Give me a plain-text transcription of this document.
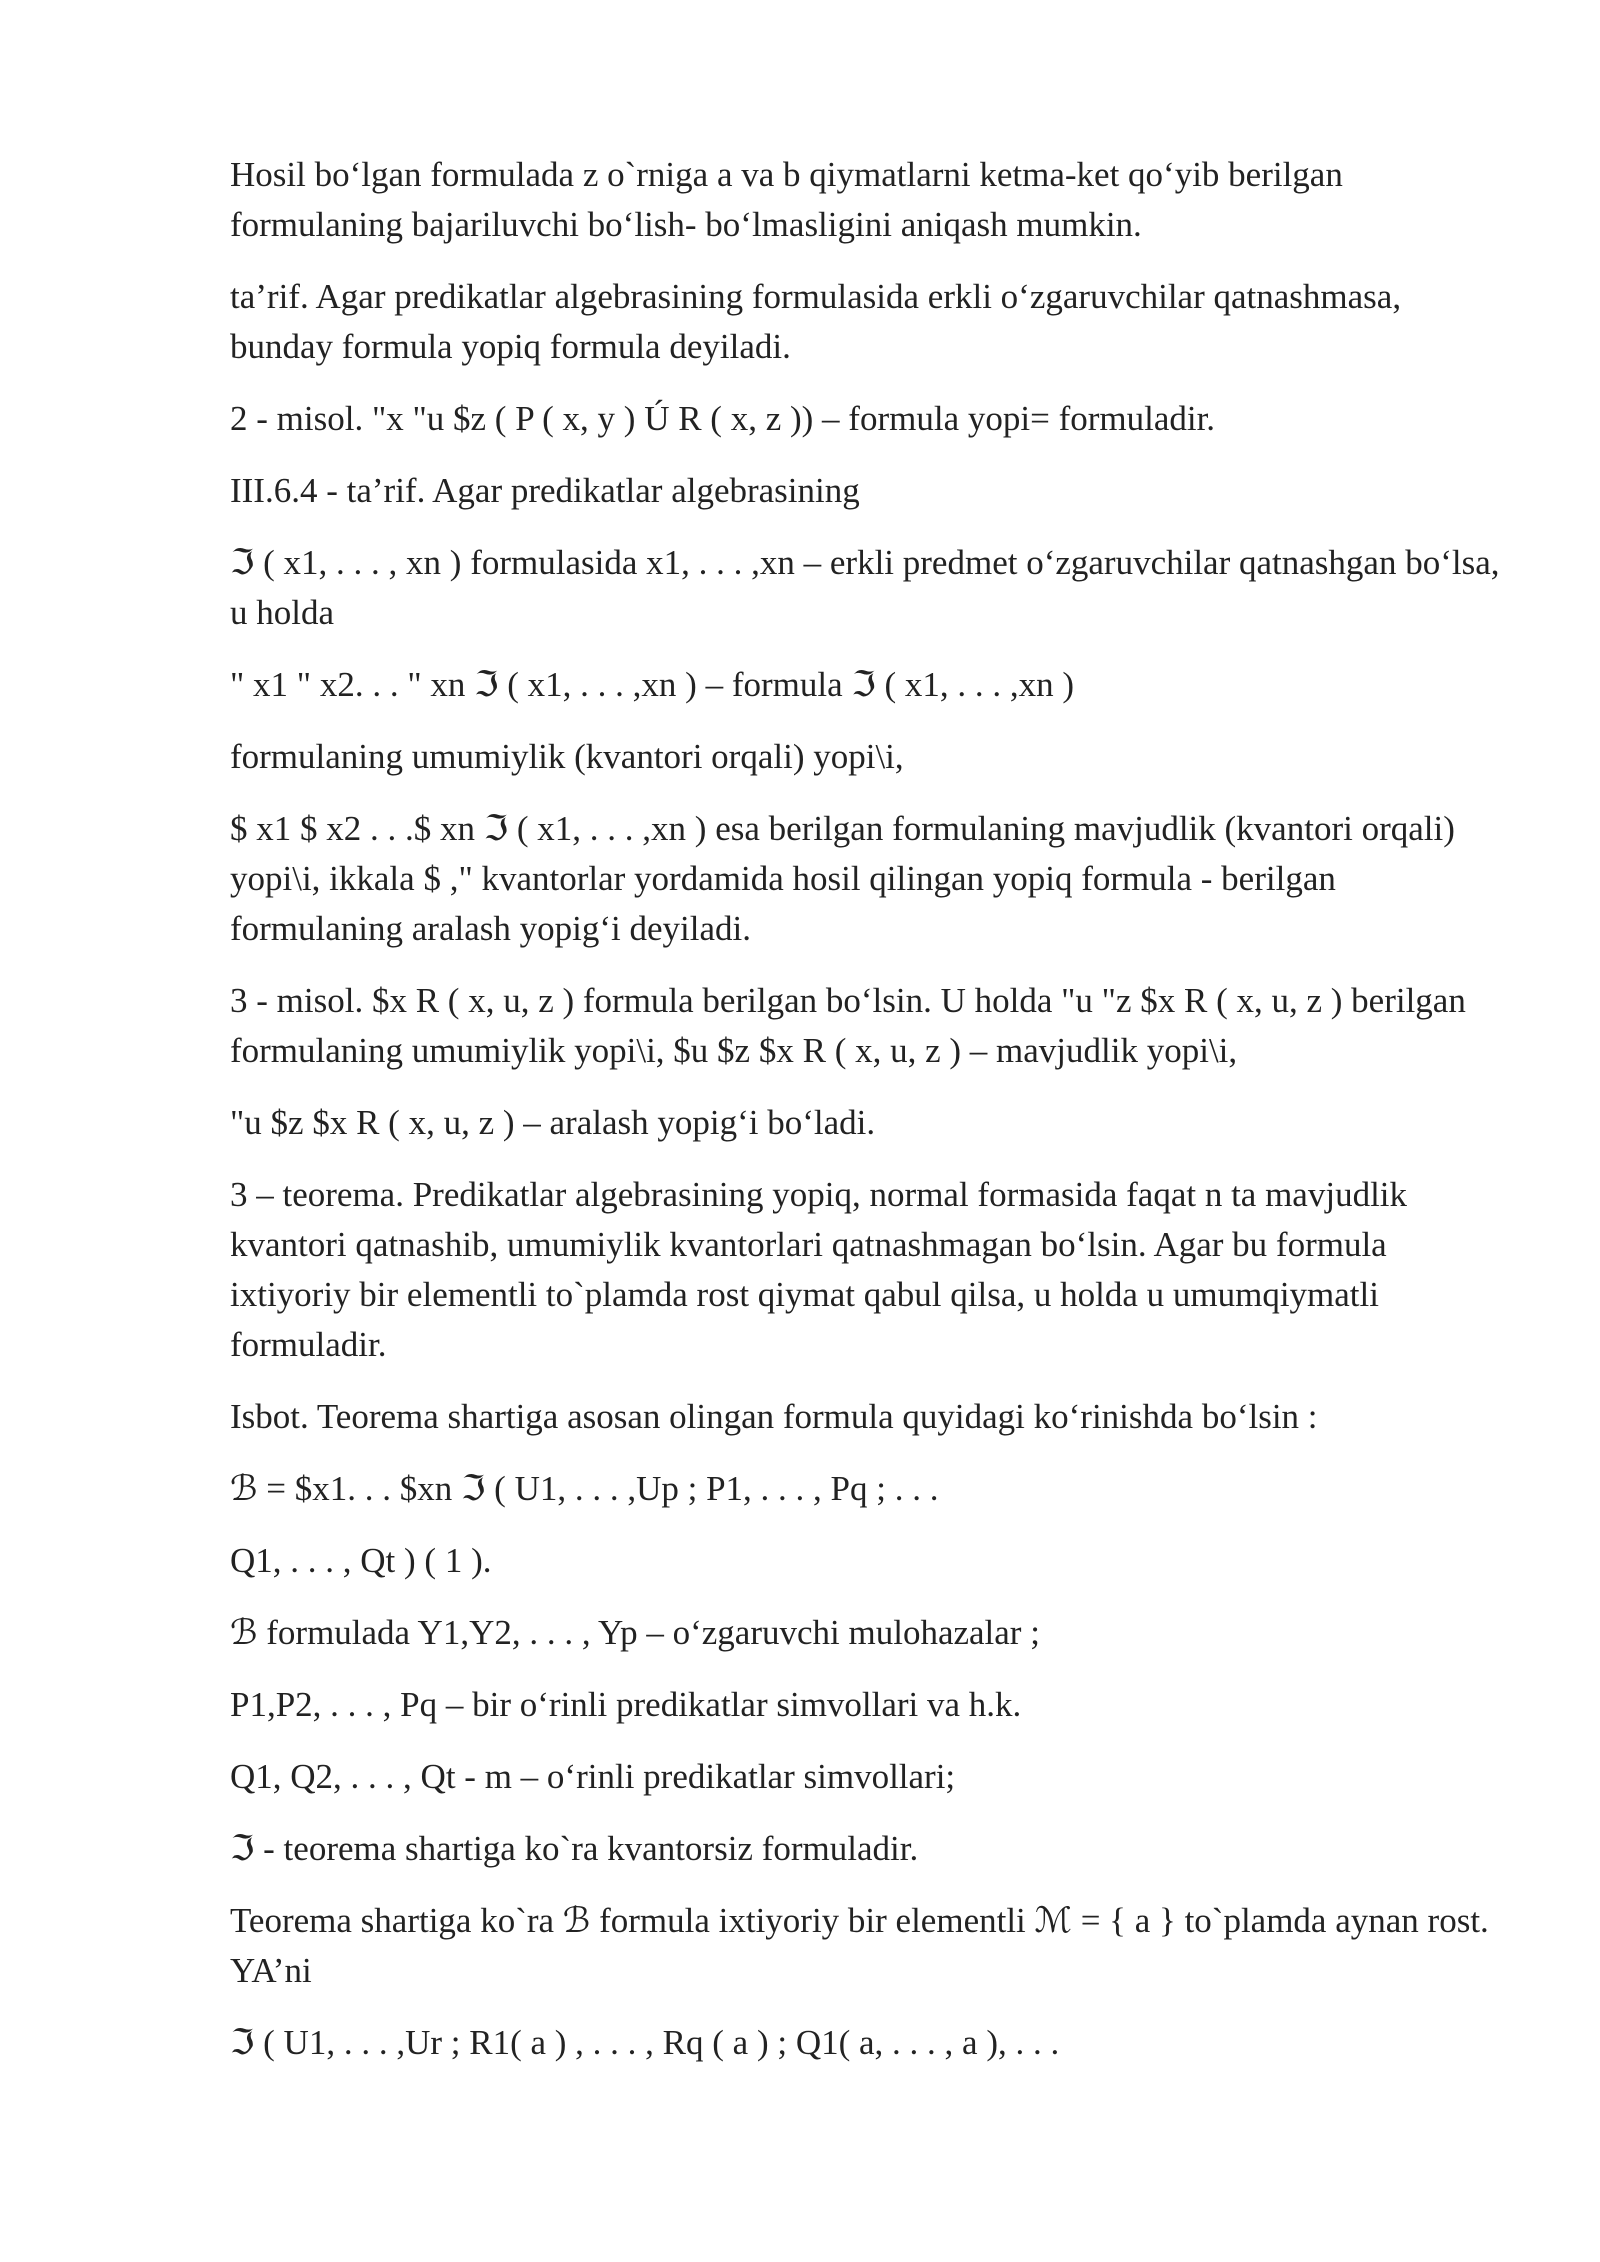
Hosil bo‘lgan formulada z o`rniga a va b qiymatlarni ketma-ket qo‘yib berilgan formulaning bajariluvchi bo‘lish- bo‘lmasligini aniqash mumkin.

ta’rif. Agar predikatlar algebrasining formulasida erkli o‘zgaruvchilar qatnashmasa, bunday formula yopiq formula deyiladi.

2 - misol. "x "u $z ( P ( x, y ) Ú R ( x, z )) – formula yopi= formuladir.

III.6.4 - ta’rif. Agar predikatlar algebrasining

ℑ ( x1, . . . , xn ) formulasida x1, . . . ,xn – erkli predmet o‘zgaruvchilar qatnashgan bo‘lsa, u holda

" x1 " x2. . . " xn ℑ ( x1, . . . ,xn ) – formula ℑ ( x1, . . . ,xn )

formulaning umumiylik (kvantori orqali) yopi\i,

$ x1 $ x2 . . .$ xn ℑ ( x1, . . . ,xn ) esa berilgan formulaning mavjudlik (kvantori orqali) yopi\i, ikkala $ ," kvantorlar yordamida hosil qilingan yopiq formula - berilgan formulaning aralash yopig‘i deyiladi.

3 - misol. $x R ( x, u, z ) formula berilgan bo‘lsin. U holda "u "z $x R ( x, u, z ) berilgan formulaning umumiylik yopi\i, $u $z $x R ( x, u, z ) – mavjudlik yopi\i,

"u $z $x R ( x, u, z ) – aralash yopig‘i bo‘ladi.

3 – teorema. Predikatlar algebrasining yopiq, normal formasida faqat n ta mavjudlik kvantori qatnashib, umumiylik kvantorlari qatnashmagan bo‘lsin. Agar bu formula ixtiyoriy bir elementli to`plamda rost qiymat qabul qilsa, u holda u umumqiymatli formuladir.

Isbot. Teorema shartiga asosan olingan formula quyidagi ko‘rinishda bo‘lsin :

ℬ = $x1. . . $xn ℑ ( U1, . . . ,Up ; P1, . . . , Pq ; . . .

Q1, . . . , Qt ) ( 1 ).

ℬ formulada Y1,Y2, . . . , Yp – o‘zgaruvchi mulohazalar ;

P1,P2, . . . , Pq – bir o‘rinli predikatlar simvollari va h.k.

Q1, Q2, . . . , Qt - m – o‘rinli predikatlar simvollari;

ℑ - teorema shartiga ko`ra kvantorsiz formuladir.

Teorema shartiga ko`ra ℬ formula ixtiyoriy bir elementli ℳ = { a } to`plamda aynan rost. YA’ni

ℑ ( U1, . . . ,Ur ; R1( a ) , . . . , Rq ( a ) ; Q1( a, . . . , a ), . . .
